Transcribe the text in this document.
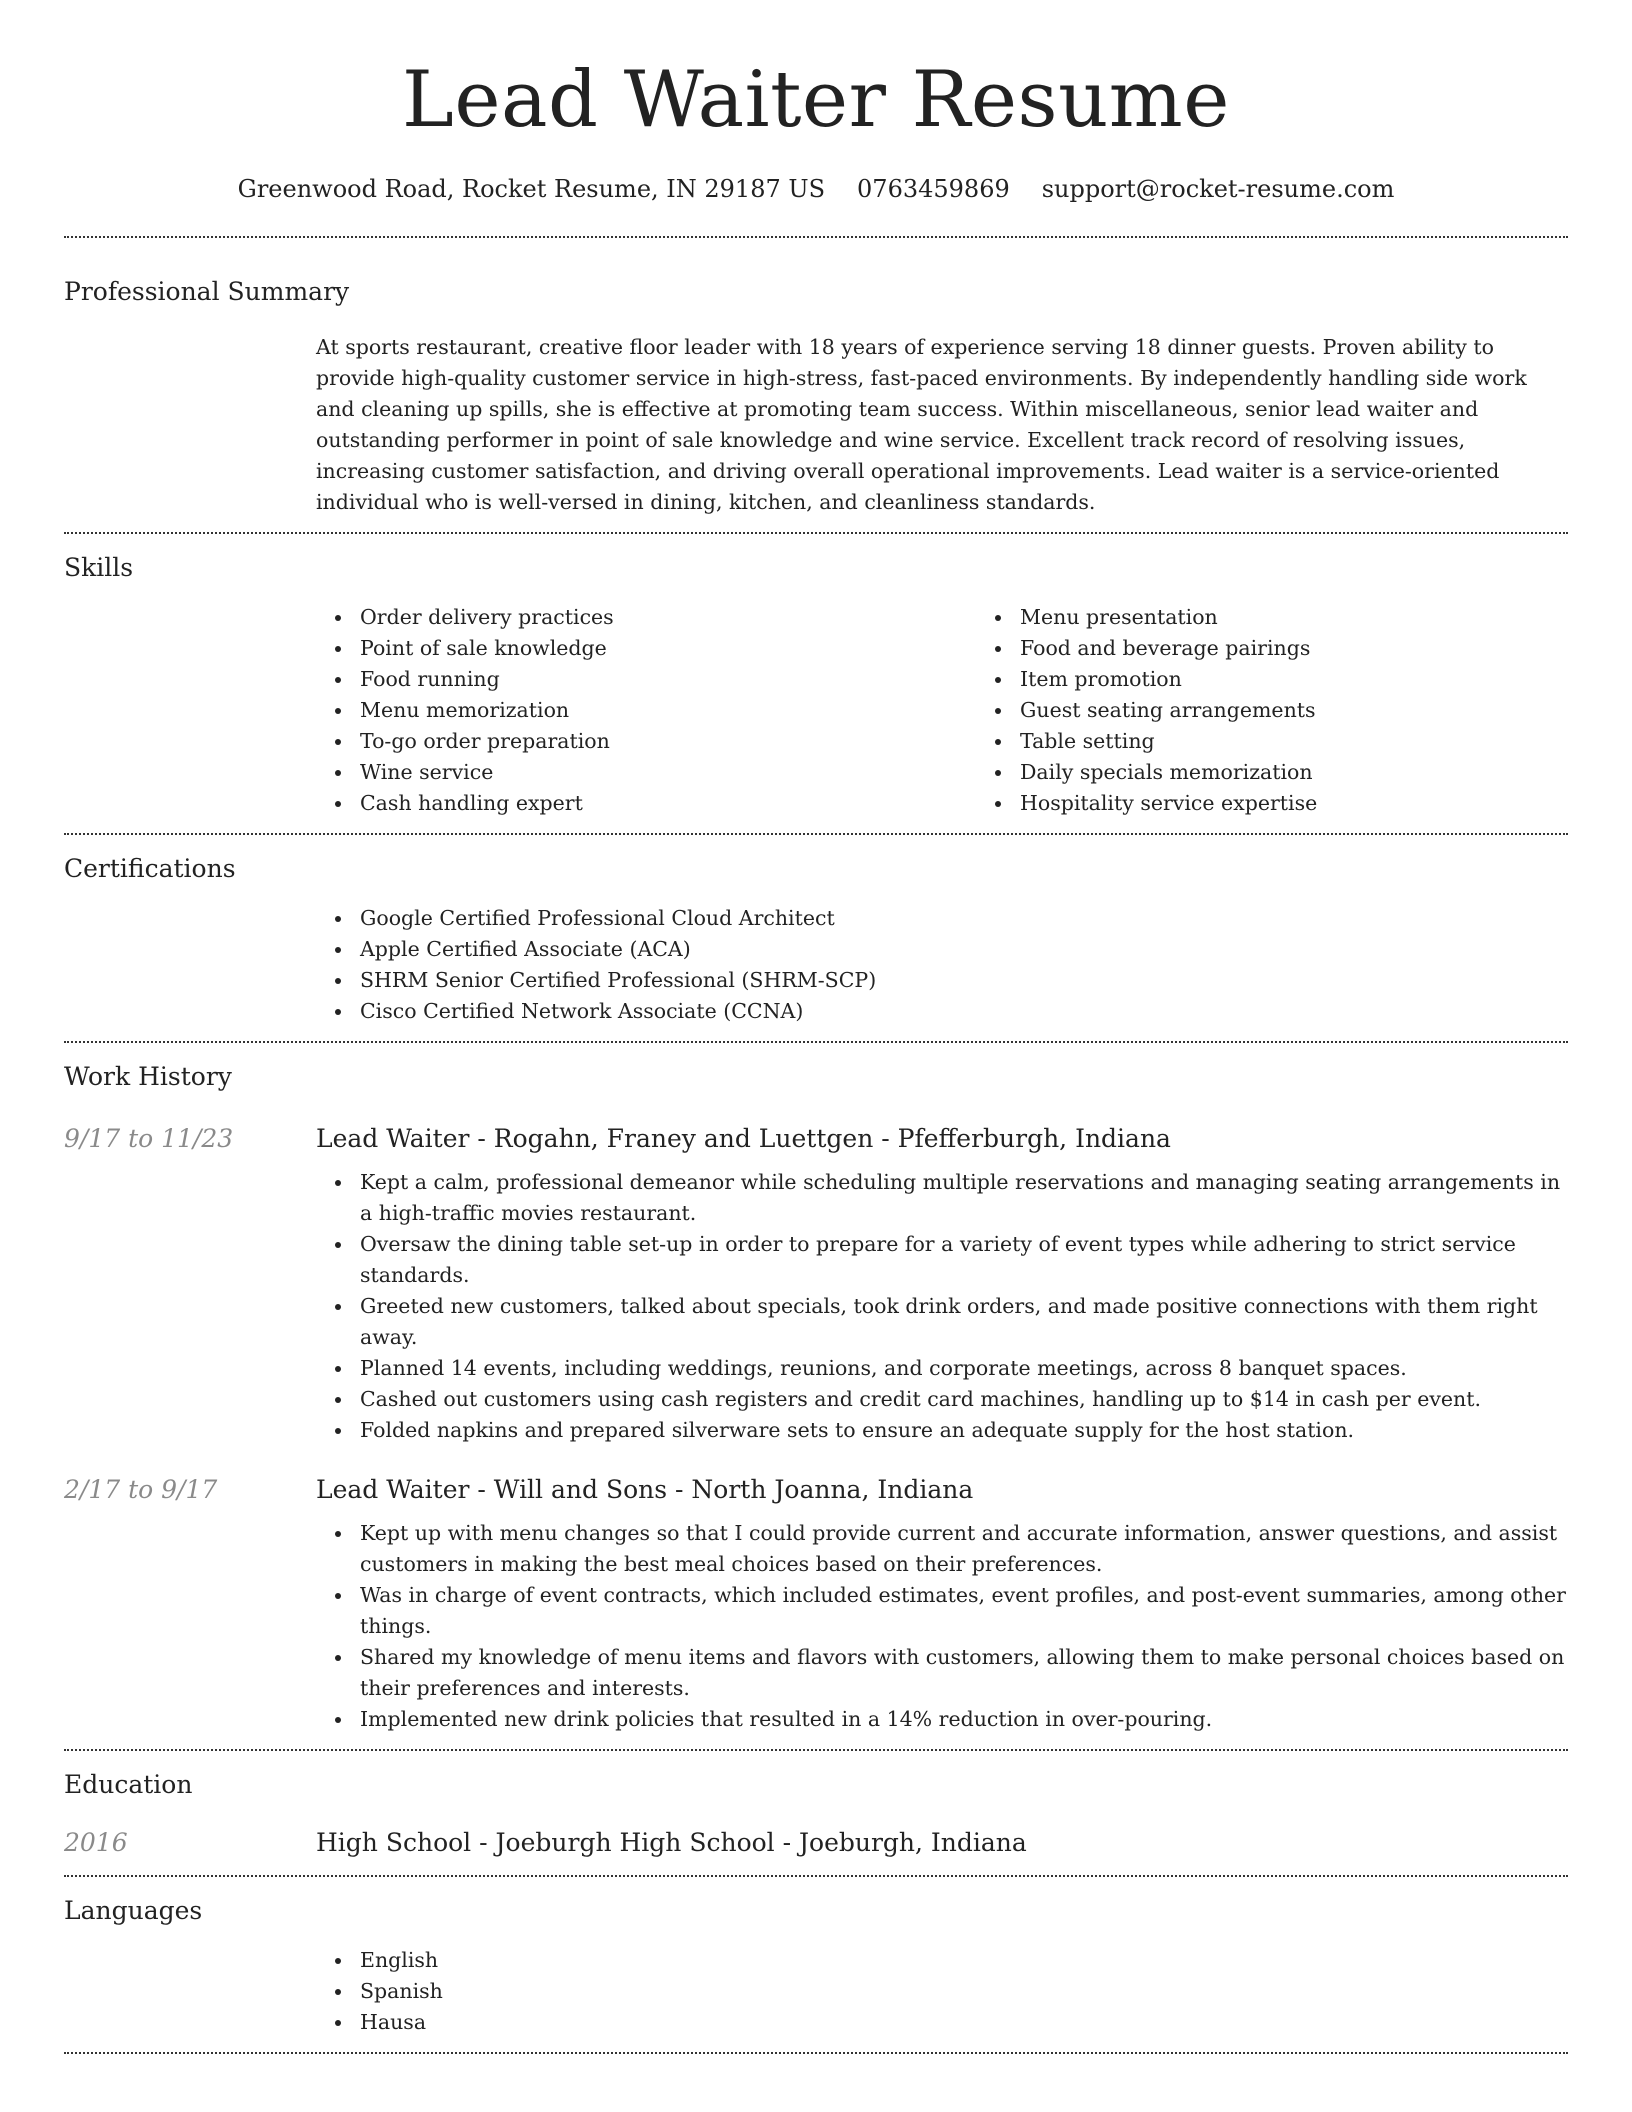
Lead Waiter Resume
Greenwood Road, Rocket Resume, IN 29187 US 0763459869 support@rocket-resume.com
Professional Summary

At sports restaurant, creative floor leader with 18 years of experience serving 18 dinner guests. Proven ability to provide high-quality customer service in high-stress, fast-paced environments. By independently handling side work and cleaning up spills, she is effective at promoting team success. Within miscellaneous, senior lead waiter and outstanding performer in point of sale knowledge and wine service. Excellent track record of resolving issues, increasing customer satisfaction, and driving overall operational improvements. Lead waiter is a service-oriented individual who is well-versed in dining, kitchen, and cleanliness standards.

Skills
Order delivery practices
Point of sale knowledge
Food running
Menu memorization
To-go order preparation
Wine service
Cash handling expert
Menu presentation
Food and beverage pairings
Item promotion
Guest seating arrangements
Table setting
Daily specials memorization
Hospitality service expertise
Certifications
Google Certified Professional Cloud Architect
Apple Certified Associate (ACA)
SHRM Senior Certified Professional (SHRM-SCP)
Cisco Certified Network Associate (CCNA)
Work History
9/17 to 11/23	Lead Waiter - Rogahn, Franey and Luettgen - Pfefferburgh, Indiana
Kept a calm, professional demeanor while scheduling multiple reservations and managing seating arrangements in a high-traffic movies restaurant.
Oversaw the dining table set-up in order to prepare for a variety of event types while adhering to strict service standards.
Greeted new customers, talked about specials, took drink orders, and made positive connections with them right away.
Planned 14 events, including weddings, reunions, and corporate meetings, across 8 banquet spaces.
Cashed out customers using cash registers and credit card machines, handling up to $14 in cash per event.
Folded napkins and prepared silverware sets to ensure an adequate supply for the host station.
2/17 to 9/17	Lead Waiter - Will and Sons - North Joanna, Indiana
Kept up with menu changes so that I could provide current and accurate information, answer questions, and assist customers in making the best meal choices based on their preferences.
Was in charge of event contracts, which included estimates, event profiles, and post-event summaries, among other things.
Shared my knowledge of menu items and flavors with customers, allowing them to make personal choices based on their preferences and interests.
Implemented new drink policies that resulted in a 14% reduction in over-pouring.
Education
2016	High School - Joeburgh High School - Joeburgh, Indiana
Languages
English
Spanish
Hausa
